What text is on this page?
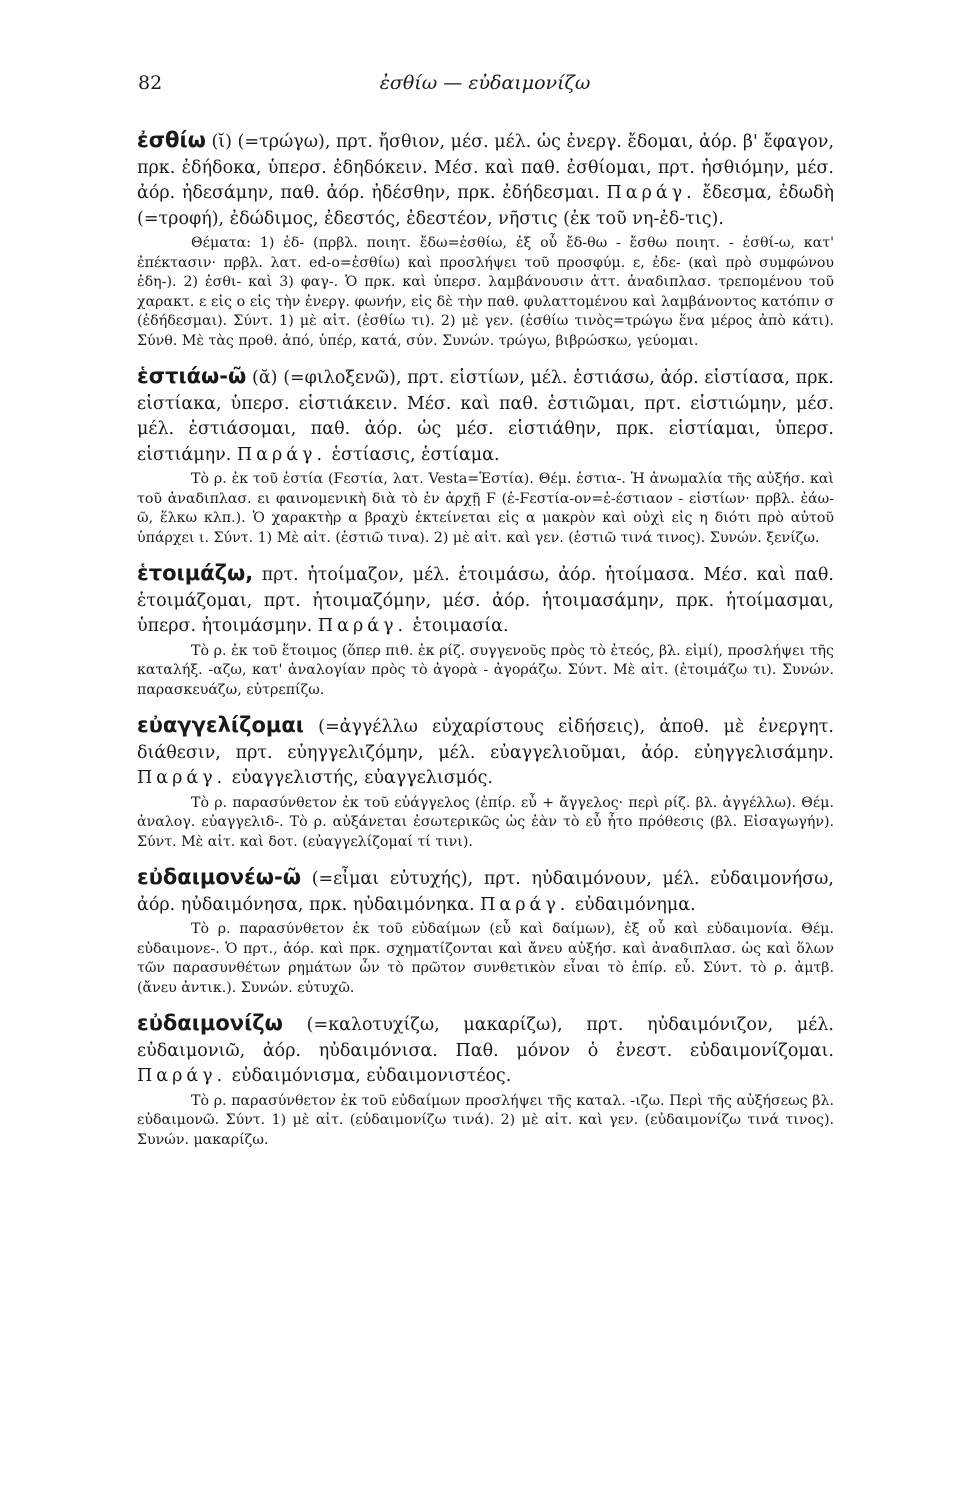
82	ἐσθίω — εὐδαιμονίζω

ἐσθίω (ῐ) (=τρώγω), πρτ. ἤσθιον, μέσ. μέλ. ὡς ἐνεργ. ἔδομαι, ἀόρ. β' ἔφαγον, πρκ. ἐδήδοκα, ὑπερσ. ἐδηδόκειν. Μέσ. καὶ παθ. ἐσθίομαι, πρτ. ἠσθιόμην, μέσ. ἀόρ. ἠδεσάμην, παθ. ἀόρ. ἠδέσθην, πρκ. ἐδήδεσμαι. Παράγ. ἔδεσμα, ἐδωδὴ (=τροφή), ἐδώδιμος, ἐδεστός, ἐδεστέον, νῆστις (ἐκ τοῦ νη-ἐδ-τις).

Θέματα: 1) ἐδ- (πρβλ. ποιητ. ἔδω=ἐσθίω, ἐξ οὗ ἔδ-θω - ἔσθω ποιητ. - ἐσθί-ω, κατ' ἐπέκτασιν· πρβλ. λατ. ed-o=ἐσθίω) καὶ προσλήψει τοῦ προσφύμ. ε, ἐδε- (καὶ πρὸ συμφώνου ἐδη-). 2) ἐσθι- καὶ 3) φαγ-. Ὁ πρκ. καὶ ὑπερσ. λαμβάνουσιν ἀττ. ἀναδιπλασ. τρεπομένου τοῦ χαρακτ. ε εἰς ο εἰς τὴν ἐνεργ. φωνήν, εἰς δὲ τὴν παθ. φυλαττομένου καὶ λαμβάνοντος κατόπιν σ (ἐδήδεσμαι). Σύντ. 1) μὲ αἰτ. (ἐσθίω τι). 2) μὲ γεν. (ἐσθίω τινὸς=τρώγω ἕνα μέρος ἀπὸ κάτι). Σύνθ. Μὲ τὰς προθ. ἀπό, ὑπέρ, κατά, σύν. Συνών. τρώγω, βιβρώσκω, γεύομαι.

ἑστιάω-ῶ (ᾰ) (=φιλοξενῶ), πρτ. εἱστίων, μέλ. ἑστιάσω, ἀόρ. εἱστίασα, πρκ. εἱστίακα, ὑπερσ. εἱστιάκειν. Μέσ. καὶ παθ. ἑστιῶμαι, πρτ. εἱστιώμην, μέσ. μέλ. ἑστιάσομαι, παθ. ἀόρ. ὡς μέσ. εἱστιάθην, πρκ. εἱστίαμαι, ὑπερσ. εἱστιάμην. Παράγ. ἑστίασις, ἑστίαμα.

Τὸ ρ. ἐκ τοῦ ἑστία (Ϝεστία, λατ. Vesta=Ἑστία). Θέμ. ἑστια-. Ἡ ἀνωμαλία τῆς αὐξήσ. καὶ τοῦ ἀναδιπλασ. ει φαινομενικὴ διὰ τὸ ἐν ἀρχῇ Ϝ (ἐ-Ϝεστία-ον=ἐ-έστιαον - εἱστίων· πρβλ. ἐάω-ῶ, ἕλκω κλπ.). Ὁ χαρακτὴρ α βραχὺ ἐκτείνεται εἰς α μακρὸν καὶ οὐχὶ εἰς η διότι πρὸ αὐτοῦ ὑπάρχει ι. Σύντ. 1) Μὲ αἰτ. (ἑστιῶ τινα). 2) μὲ αἰτ. καὶ γεν. (ἑστιῶ τινά τινος). Συνών. ξενίζω.

ἑτοιμάζω, πρτ. ἡτοίμαζον, μέλ. ἑτοιμάσω, ἀόρ. ἡτοίμασα. Μέσ. καὶ παθ. ἑτοιμάζομαι, πρτ. ἡτοιμαζόμην, μέσ. ἀόρ. ἡτοιμασάμην, πρκ. ἡτοίμασμαι, ὑπερσ. ἡτοιμάσμην. Παράγ. ἑτοιμασία.

Τὸ ρ. ἐκ τοῦ ἕτοιμος (ὅπερ πιθ. ἐκ ρίζ. συγγενοῦς πρὸς τὸ ἐτεός, βλ. εἰμί), προσλήψει τῆς καταλήξ. -αζω, κατ' ἀναλογίαν πρὸς τὸ ἀγορὰ - ἀγοράζω. Σύντ. Μὲ αἰτ. (ἑτοιμάζω τι). Συνών. παρασκευάζω, εὐτρεπίζω.

εὐαγγελίζομαι (=ἀγγέλλω εὐχαρίστους εἰδήσεις), ἀποθ. μὲ ἐνεργητ. διάθεσιν, πρτ. εὐηγγελιζόμην, μέλ. εὐαγγελιοῦμαι, ἀόρ. εὐηγγελισάμην. Παράγ. εὐαγγελιστής, εὐαγγελισμός.

Τὸ ρ. παρασύνθετον ἐκ τοῦ εὐάγγελος (ἐπίρ. εὖ + ἄγγελος· περὶ ρίζ. βλ. ἀγγέλλω). Θέμ. ἀναλογ. εὐαγγελιδ-. Τὸ ρ. αὐξάνεται ἐσωτερικῶς ὡς ἐὰν τὸ εὖ ἦτο πρόθεσις (βλ. Εἰσαγωγήν). Σύντ. Μὲ αἰτ. καὶ δοτ. (εὐαγγελίζομαί τί τινι).

εὐδαιμονέω-ῶ (=εἶμαι εὐτυχής), πρτ. ηὐδαιμόνουν, μέλ. εὐδαιμονήσω, ἀόρ. ηὐδαιμόνησα, πρκ. ηὐδαιμόνηκα. Παράγ. εὐδαιμόνημα.

Τὸ ρ. παρασύνθετον ἐκ τοῦ εὐδαίμων (εὖ καὶ δαίμων), ἐξ οὗ καὶ εὐδαιμονία. Θέμ. εὐδαιμονε-. Ὁ πρτ., ἀόρ. καὶ πρκ. σχηματίζονται καὶ ἄνευ αὐξήσ. καὶ ἀναδιπλασ. ὡς καὶ ὅλων τῶν παρασυνθέτων ρημάτων ὧν τὸ πρῶτον συνθετικὸν εἶναι τὸ ἐπίρ. εὖ. Σύντ. τὸ ρ. ἀμτβ. (ἄνευ ἀντικ.). Συνών. εὐτυχῶ.

εὐδαιμονίζω (=καλοτυχίζω, μακαρίζω), πρτ. ηὐδαιμόνιζον, μέλ. εὐδαιμονιῶ, ἀόρ. ηὐδαιμόνισα. Παθ. μόνον ὁ ἐνεστ. εὐδαιμονίζομαι. Παράγ. εὐδαιμόνισμα, εὐδαιμονιστέος.

Τὸ ρ. παρασύνθετον ἐκ τοῦ εὐδαίμων προσλήψει τῆς καταλ. -ιζω. Περὶ τῆς αὐξήσεως βλ. εὐδαιμονῶ. Σύντ. 1) μὲ αἰτ. (εὐδαιμονίζω τινά). 2) μὲ αἰτ. καὶ γεν. (εὐδαιμονίζω τινά τινος). Συνών. μακαρίζω.
